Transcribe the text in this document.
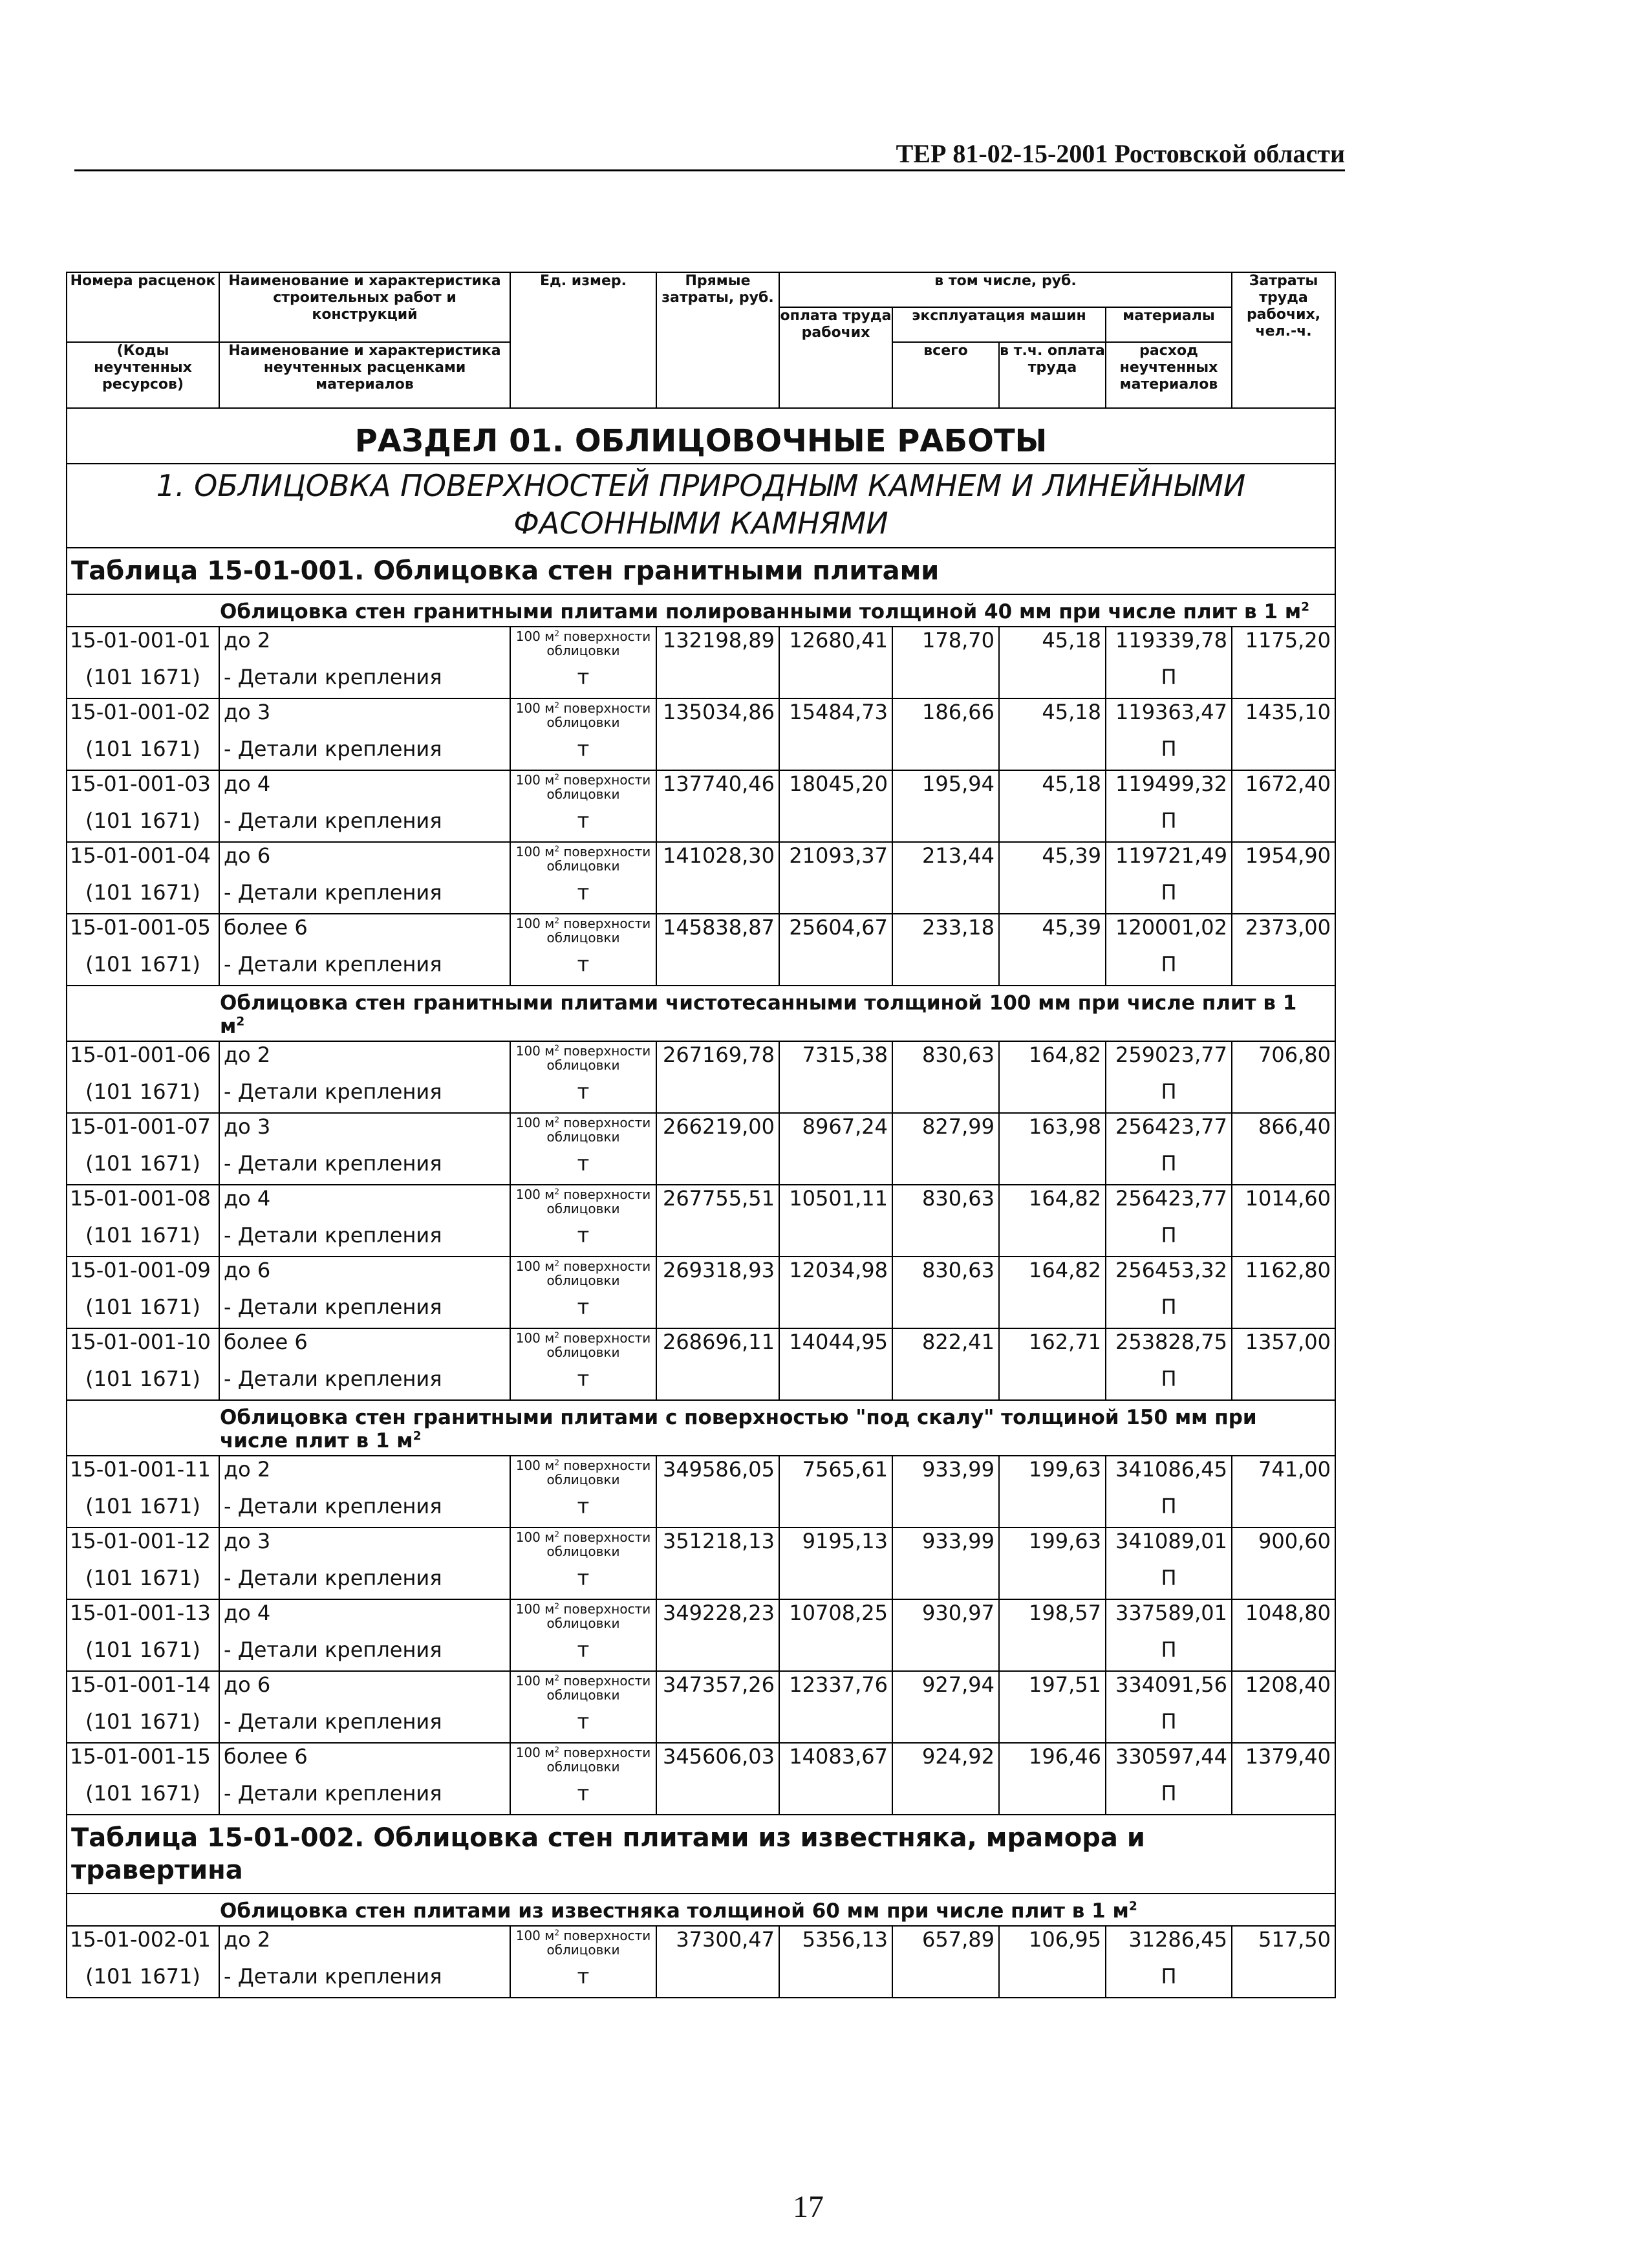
ТЕР 81-02-15-2001 Ростовской области
Номера расценок	Наименование и характеристика строительных работ и конструкций	Ед. измер.	Прямые затраты, руб.	в том числе, руб.				Затраты труда рабочих, чел.-ч.
				оплата труда рабочих	эксплуатация машин		материалы	
(Коды неучтенных ресурсов)	Наименование и характеристика неучтенных расценками материалов				всего	в т.ч. оплата труда	расход неучтенных материалов	

РАЗДЕЛ 01. ОБЛИЦОВОЧНЫЕ РАБОТЫ								
1. ОБЛИЦОВКА ПОВЕРХНОСТЕЙ ПРИРОДНЫМ КАМНЕМ И ЛИНЕЙНЫМИ ФАСОННЫМИ КАМНЯМИ								
Таблица 15-01-001. Облицовка стен гранитными плитами								
Облицовка стен гранитными плитами полированными толщиной 40 мм при числе плит в 1 $м^2$
15-01-001-01	до 2	100 $м^2$ поверхности облицовки	132198,89	12680,41	178,70	45,18	119339,78	1175,20
(101 1671)	- Детали крепления	т					П	
15-01-001-02	до 3	100 $м^2$ поверхности облицовки	135034,86	15484,73	186,66	45,18	119363,47	1435,10
(101 1671)	- Детали крепления	т					П	
15-01-001-03	до 4	100 $м^2$ поверхности облицовки	137740,46	18045,20	195,94	45,18	119499,32	1672,40
(101 1671)	- Детали крепления	т					П	
15-01-001-04	до 6	100 $м^2$ поверхности облицовки	141028,30	21093,37	213,44	45,39	119721,49	1954,90
(101 1671)	- Детали крепления	т					П	
15-01-001-05	более 6	100 $м^2$ поверхности облицовки	145838,87	25604,67	233,18	45,39	120001,02	2373,00
(101 1671)	- Детали крепления	т					П	
Облицовка стен гранитными плитами чистотесанными толщиной 100 мм при числе плит в 1 $м^2$
15-01-001-06	до 2	100 $м^2$ поверхности облицовки	267169,78	7315,38	830,63	164,82	259023,77	706,80
(101 1671)	- Детали крепления	т					П	
15-01-001-07	до 3	100 $м^2$ поверхности облицовки	266219,00	8967,24	827,99	163,98	256423,77	866,40
(101 1671)	- Детали крепления	т					П	
15-01-001-08	до 4	100 $м^2$ поверхности облицовки	267755,51	10501,11	830,63	164,82	256423,77	1014,60
(101 1671)	- Детали крепления	т					П	
15-01-001-09	до 6	100 $м^2$ поверхности облицовки	269318,93	12034,98	830,63	164,82	256453,32	1162,80
(101 1671)	- Детали крепления	т					П	
15-01-001-10	более 6	100 $м^2$ поверхности облицовки	268696,11	14044,95	822,41	162,71	253828,75	1357,00
(101 1671)	- Детали крепления	т					П	
Облицовка стен гранитными плитами с поверхностью "под скалу" толщиной 150 мм при числе плит в 1 $м^2$
15-01-001-11	до 2	100 $м^2$ поверхности облицовки	349586,05	7565,61	933,99	199,63	341086,45	741,00
(101 1671)	- Детали крепления	т					П	
15-01-001-12	до 3	100 $м^2$ поверхности облицовки	351218,13	9195,13	933,99	199,63	341089,01	900,60
(101 1671)	- Детали крепления	т					П	
15-01-001-13	до 4	100 $м^2$ поверхности облицовки	349228,23	10708,25	930,97	198,57	337589,01	1048,80
(101 1671)	- Детали крепления	т					П	
15-01-001-14	до 6	100 $м^2$ поверхности облицовки	347357,26	12337,76	927,94	197,51	334091,56	1208,40
(101 1671)	- Детали крепления	т					П	
15-01-001-15	более 6	100 $м^2$ поверхности облицовки	345606,03	14083,67	924,92	196,46	330597,44	1379,40
(101 1671)	- Детали крепления	т					П	
Таблица 15-01-002. Облицовка стен плитами из известняка, мрамора и травертина								
Облицовка стен плитами из известняка толщиной 60 мм при числе плит в 1 $м^2$
15-01-002-01	до 2	100 $м^2$ поверхности облицовки	37300,47	5356,13	657,89	106,95	31286,45	517,50
(101 1671)	- Детали крепления	т					П	
17
